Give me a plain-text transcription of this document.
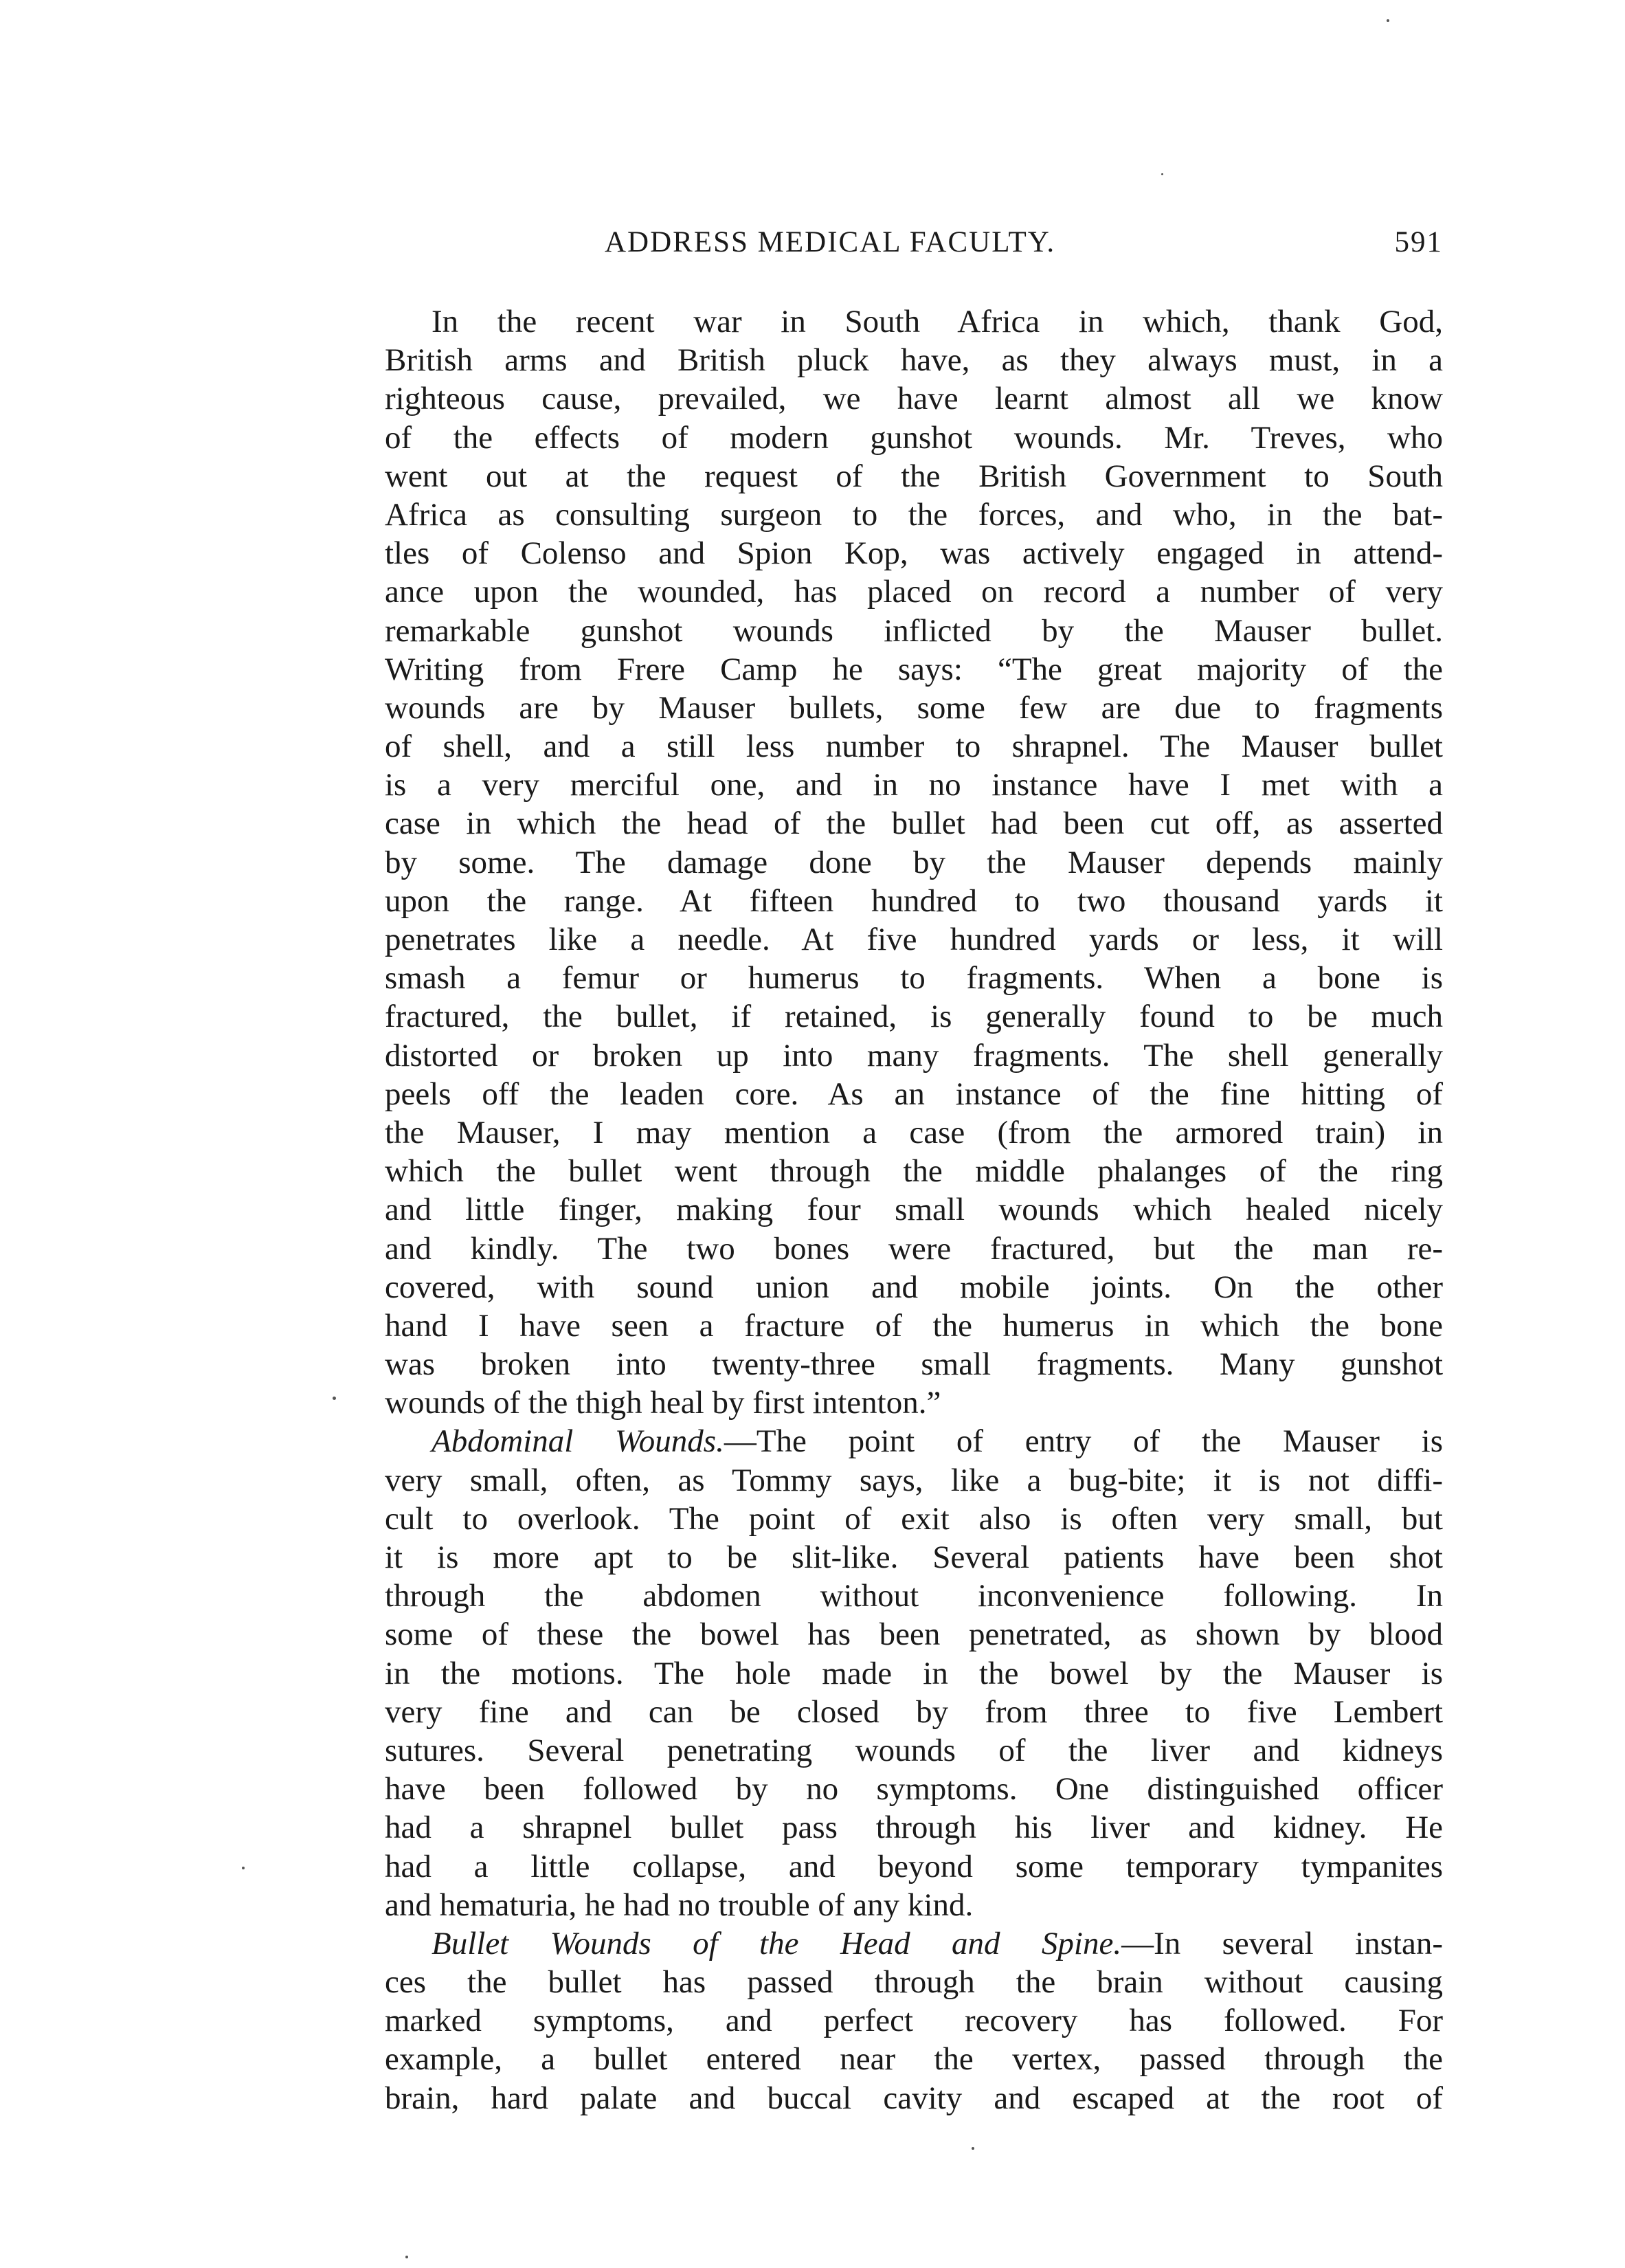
ADDRESS MEDICAL FACULTY.	591
In the recent war in South Africa in which, thank God,
British arms and British pluck have, as they always must, in a
righteous cause, prevailed, we have learnt almost all we know
of the effects of modern gunshot wounds. Mr. Treves, who
went out at the request of the British Government to South
Africa as consulting surgeon to the forces, and who, in the bat-
tles of Colenso and Spion Kop, was actively engaged in attend-
ance upon the wounded, has placed on record a number of very
remarkable gunshot wounds inflicted by the Mauser bullet.
Writing from Frere Camp he says: “The great majority of the
wounds are by Mauser bullets, some few are due to fragments
of shell, and a still less number to shrapnel. The Mauser bullet
is a very merciful one, and in no instance have I met with a
case in which the head of the bullet had been cut off, as asserted
by some. The damage done by the Mauser depends mainly
upon the range. At fifteen hundred to two thousand yards it
penetrates like a needle. At five hundred yards or less, it will
smash a femur or humerus to fragments. When a bone is
fractured, the bullet, if retained, is generally found to be much
distorted or broken up into many fragments. The shell generally
peels off the leaden core. As an instance of the fine hitting of
the Mauser, I may mention a case (from the armored train) in
which the bullet went through the middle phalanges of the ring
and little finger, making four small wounds which healed nicely
and kindly. The two bones were fractured, but the man re-
covered, with sound union and mobile joints. On the other
hand I have seen a fracture of the humerus in which the bone
was broken into twenty-three small fragments. Many gunshot
wounds of the thigh heal by first intenton.”
Abdominal Wounds.—The point of entry of the Mauser is
very small, often, as Tommy says, like a bug-bite; it is not diffi-
cult to overlook. The point of exit also is often very small, but
it is more apt to be slit-like. Several patients have been shot
through the abdomen without inconvenience following. In
some of these the bowel has been penetrated, as shown by blood
in the motions. The hole made in the bowel by the Mauser is
very fine and can be closed by from three to five Lembert
sutures. Several penetrating wounds of the liver and kidneys
have been followed by no symptoms. One distinguished officer
had a shrapnel bullet pass through his liver and kidney. He
had a little collapse, and beyond some temporary tympanites
and hematuria, he had no trouble of any kind.
Bullet Wounds of the Head and Spine.—In several instan-
ces the bullet has passed through the brain without causing
marked symptoms, and perfect recovery has followed. For
example, a bullet entered near the vertex, passed through the
brain, hard palate and buccal cavity and escaped at the root of
